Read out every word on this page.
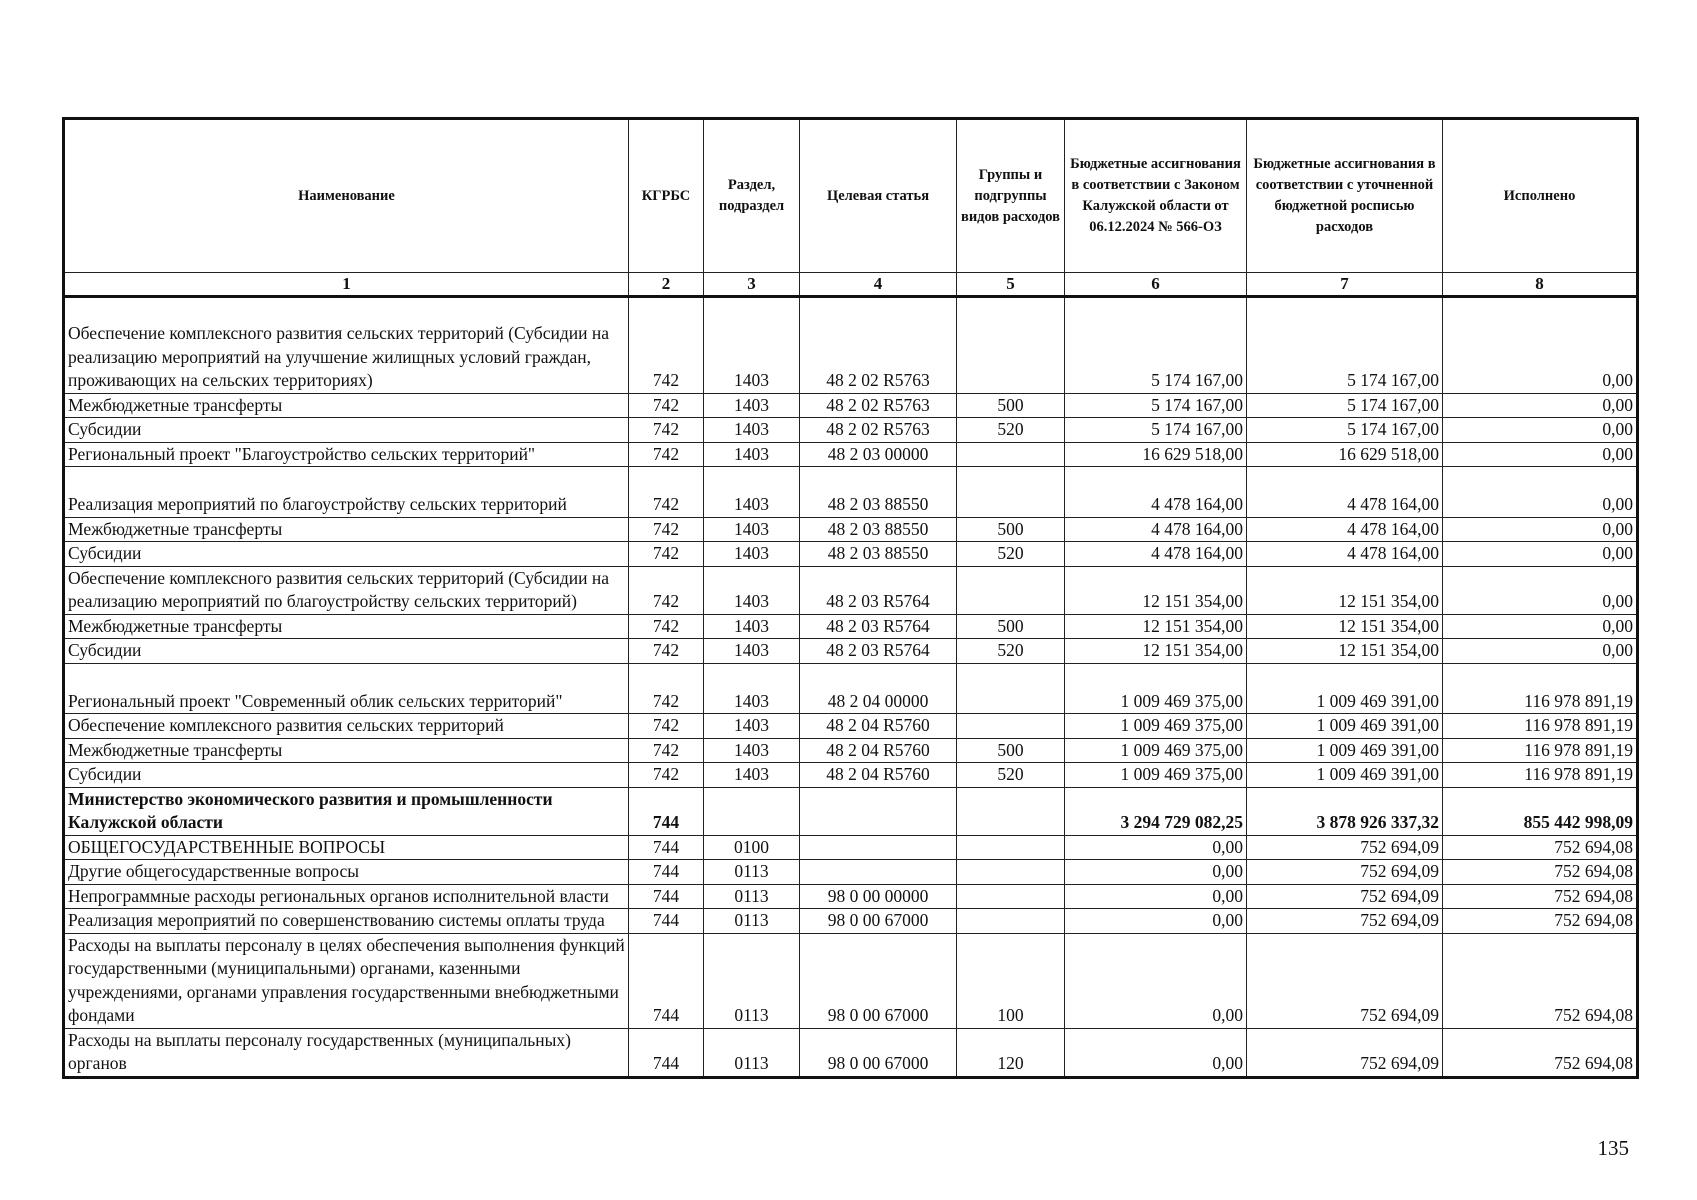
Наименование	КГРБС	Раздел, подраздел	Целевая статья	Группы и подгруппы видов расходов	Бюджетные ассигнования в соответствии с Законом Калужской области от 06.12.2024 № 566-ОЗ	Бюджетные ассигнования в соответствии с уточненной бюджетной росписью расходов	Исполнено
1	2	3	4	5	6	7	8
Обеспечение комплексного развития сельских территорий (Субсидии на реализацию мероприятий на улучшение жилищных условий граждан, проживающих на сельских территориях)	742	1403	48 2 02 R5763		5 174 167,00	5 174 167,00	0,00
Межбюджетные трансферты	742	1403	48 2 02 R5763	500	5 174 167,00	5 174 167,00	0,00
Субсидии	742	1403	48 2 02 R5763	520	5 174 167,00	5 174 167,00	0,00
Региональный проект "Благоустройство сельских территорий"	742	1403	48 2 03 00000		16 629 518,00	16 629 518,00	0,00
Реализация мероприятий по благоустройству сельских территорий	742	1403	48 2 03 88550		4 478 164,00	4 478 164,00	0,00
Межбюджетные трансферты	742	1403	48 2 03 88550	500	4 478 164,00	4 478 164,00	0,00
Субсидии	742	1403	48 2 03 88550	520	4 478 164,00	4 478 164,00	0,00
Обеспечение комплексного развития сельских территорий (Субсидии на реализацию мероприятий по благоустройству сельских территорий)	742	1403	48 2 03 R5764		12 151 354,00	12 151 354,00	0,00
Межбюджетные трансферты	742	1403	48 2 03 R5764	500	12 151 354,00	12 151 354,00	0,00
Субсидии	742	1403	48 2 03 R5764	520	12 151 354,00	12 151 354,00	0,00
Региональный проект "Современный облик сельских территорий"	742	1403	48 2 04 00000		1 009 469 375,00	1 009 469 391,00	116 978 891,19
Обеспечение комплексного развития сельских территорий	742	1403	48 2 04 R5760		1 009 469 375,00	1 009 469 391,00	116 978 891,19
Межбюджетные трансферты	742	1403	48 2 04 R5760	500	1 009 469 375,00	1 009 469 391,00	116 978 891,19
Субсидии	742	1403	48 2 04 R5760	520	1 009 469 375,00	1 009 469 391,00	116 978 891,19
Министерство экономического развития и промышленности Калужской области	744				3 294 729 082,25	3 878 926 337,32	855 442 998,09
ОБЩЕГОСУДАРСТВЕННЫЕ ВОПРОСЫ	744	0100			0,00	752 694,09	752 694,08
Другие общегосударственные вопросы	744	0113			0,00	752 694,09	752 694,08
Непрограммные расходы региональных органов исполнительной власти	744	0113	98 0 00 00000		0,00	752 694,09	752 694,08
Реализация мероприятий по совершенствованию системы оплаты труда	744	0113	98 0 00 67000		0,00	752 694,09	752 694,08
Расходы на выплаты персоналу в целях обеспечения выполнения функций государственными (муниципальными) органами, казенными учреждениями, органами управления государственными внебюджетными фондами	744	0113	98 0 00 67000	100	0,00	752 694,09	752 694,08
Расходы на выплаты персоналу государственных (муниципальных) органов	744	0113	98 0 00 67000	120	0,00	752 694,09	752 694,08
135
